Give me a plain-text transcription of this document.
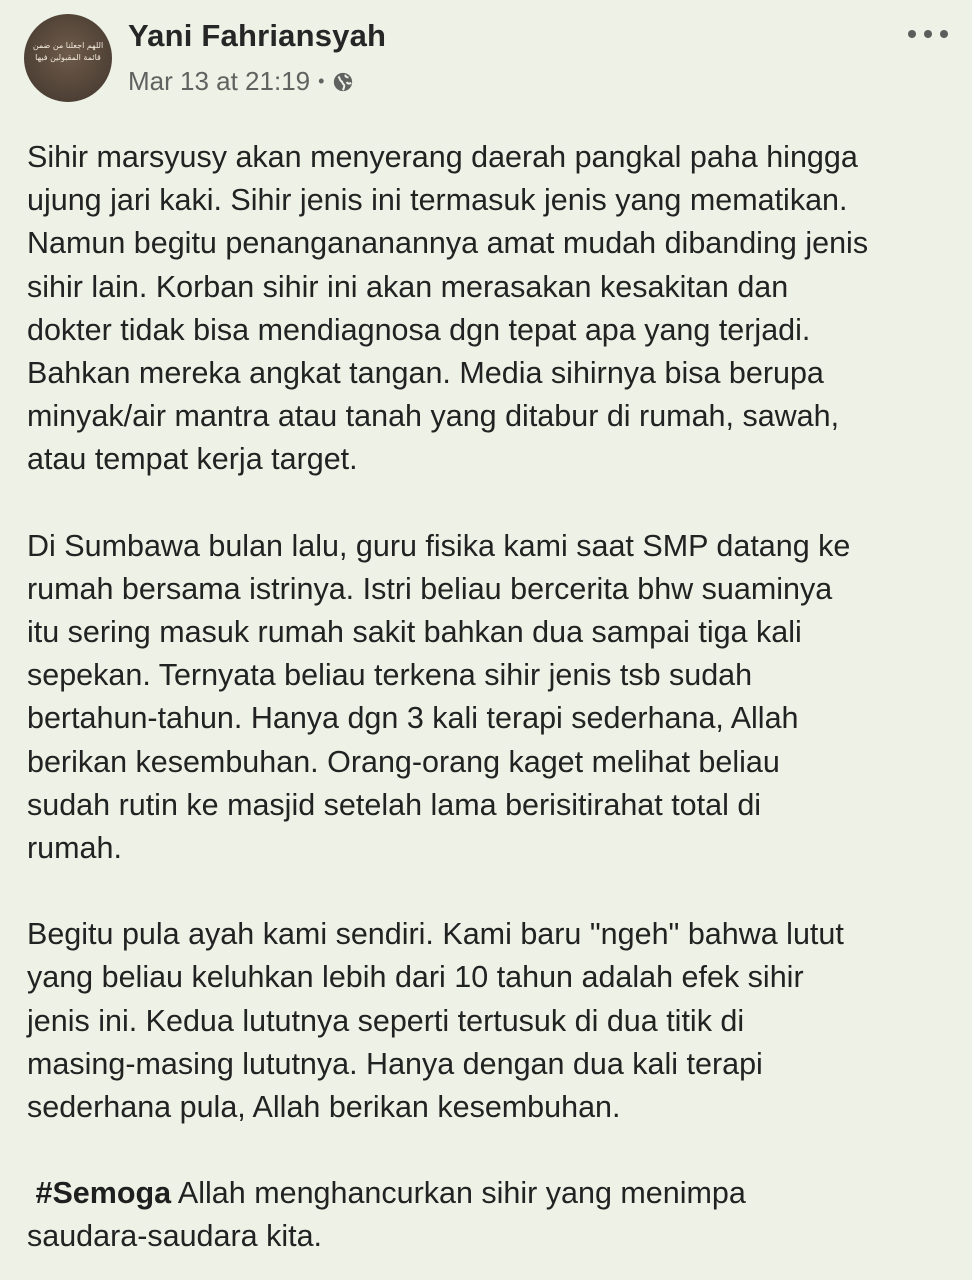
اللهم اجعلنا من ضمن
قائمة المقبولين فيها
Yani Fahriansyah
Mar 13 at 21:19 •

Sihir marsyusy akan menyerang daerah pangkal paha hingga
ujung jari kaki. Sihir jenis ini termasuk jenis yang mematikan.
Namun begitu penangananannya amat mudah dibanding jenis
sihir lain. Korban sihir ini akan merasakan kesakitan dan
dokter tidak bisa mendiagnosa dgn tepat apa yang terjadi.
Bahkan mereka angkat tangan. Media sihirnya bisa berupa
minyak/air mantra atau tanah yang ditabur di rumah, sawah,
atau tempat kerja target.

Di Sumbawa bulan lalu, guru fisika kami saat SMP datang ke
rumah bersama istrinya. Istri beliau bercerita bhw suaminya
itu sering masuk rumah sakit bahkan dua sampai tiga kali
sepekan. Ternyata beliau terkena sihir jenis tsb sudah
bertahun-tahun. Hanya dgn 3 kali terapi sederhana, Allah
berikan kesembuhan. Orang-orang kaget melihat beliau
sudah rutin ke masjid setelah lama berisitirahat total di
rumah.

Begitu pula ayah kami sendiri. Kami baru "ngeh" bahwa lutut
yang beliau keluhkan lebih dari 10 tahun adalah efek sihir
jenis ini. Kedua lututnya seperti tertusuk di dua titik di
masing-masing lututnya. Hanya dengan dua kali terapi
sederhana pula, Allah berikan kesembuhan.

#Semoga Allah menghancurkan sihir yang menimpa
saudara-saudara kita.
